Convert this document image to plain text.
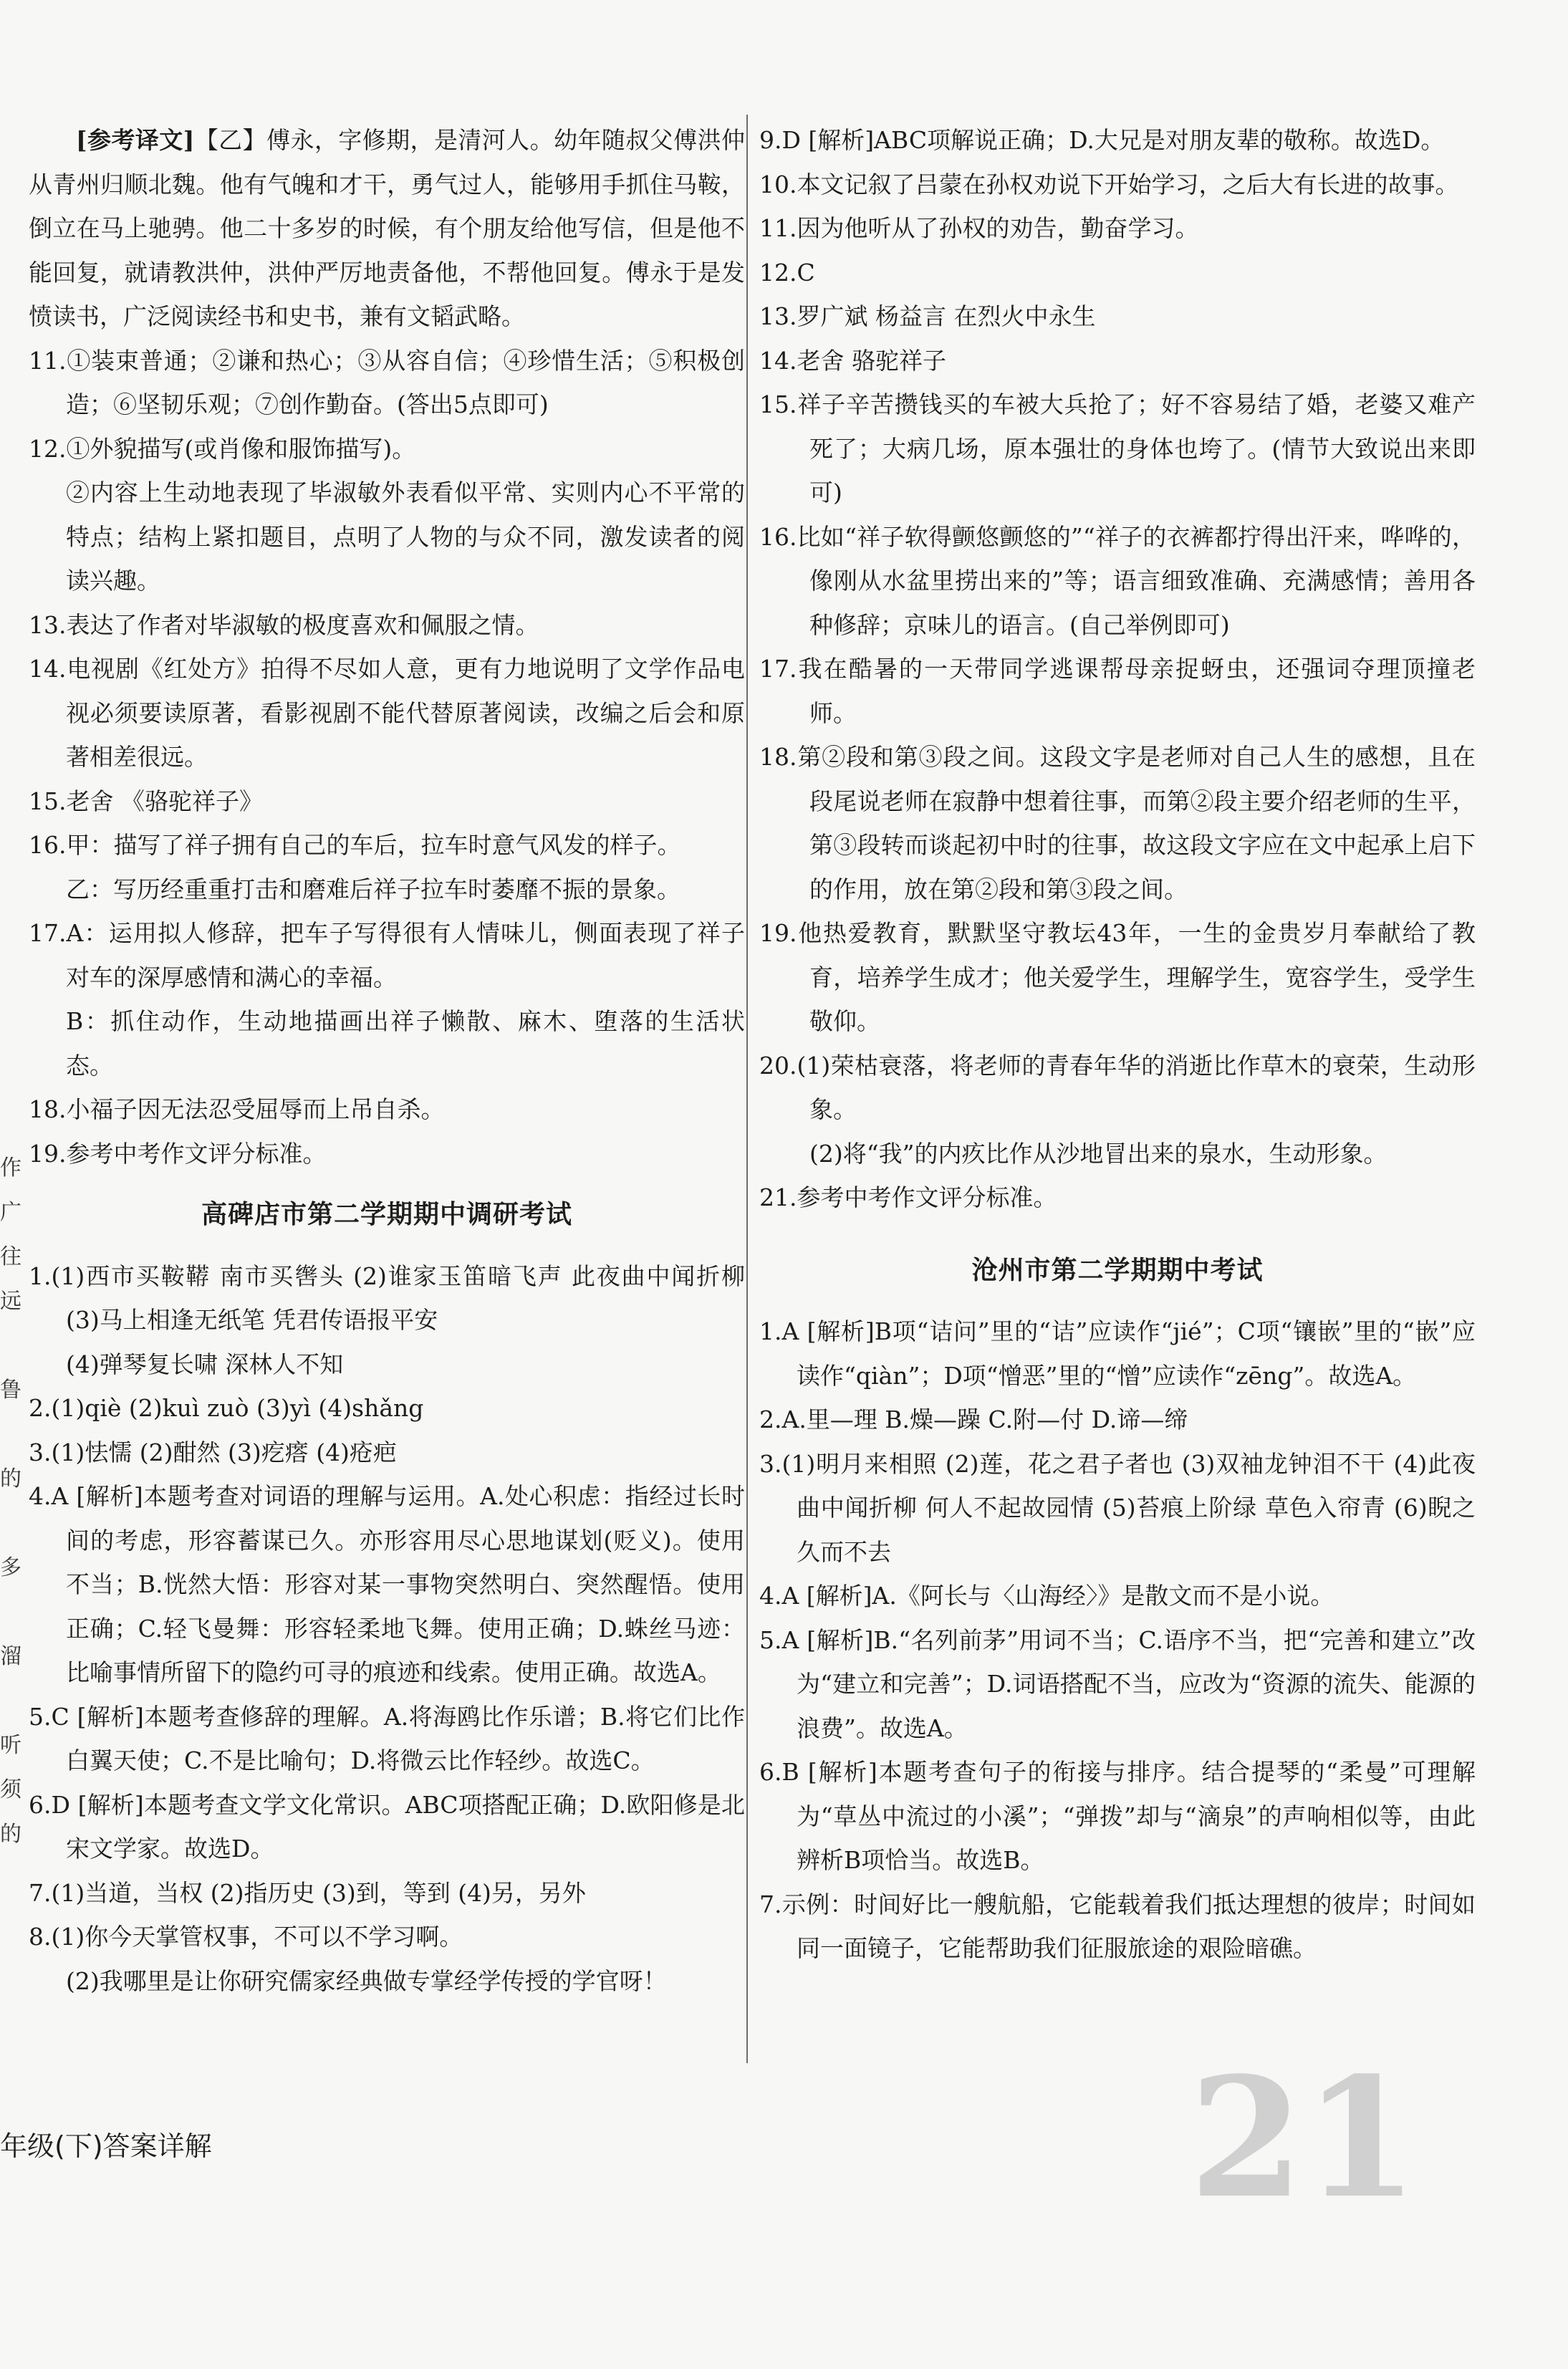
[参考译文]【乙】傅永，字修期，是清河人。幼年随叔父傅洪仲从青州归顺北魏。他有气魄和才干，勇气过人，能够用手抓住马鞍，倒立在马上驰骋。他二十多岁的时候，有个朋友给他写信，但是他不能回复，就请教洪仲，洪仲严厉地责备他，不帮他回复。傅永于是发愤读书，广泛阅读经书和史书，兼有文韬武略。

11.①装束普通；②谦和热心；③从容自信；④珍惜生活；⑤积极创造；⑥坚韧乐观；⑦创作勤奋。(答出5点即可)

12.①外貌描写(或肖像和服饰描写)。

②内容上生动地表现了毕淑敏外表看似平常、实则内心不平常的特点；结构上紧扣题目，点明了人物的与众不同，激发读者的阅读兴趣。

13.表达了作者对毕淑敏的极度喜欢和佩服之情。

14.电视剧《红处方》拍得不尽如人意，更有力地说明了文学作品电视必须要读原著，看影视剧不能代替原著阅读，改编之后会和原著相差很远。

15.老舍 《骆驼祥子》

16.甲：描写了祥子拥有自己的车后，拉车时意气风发的样子。

乙：写历经重重打击和磨难后祥子拉车时萎靡不振的景象。

17.A：运用拟人修辞，把车子写得很有人情味儿，侧面表现了祥子对车的深厚感情和满心的幸福。

B：抓住动作，生动地描画出祥子懒散、麻木、堕落的生活状态。

18.小福子因无法忍受屈辱而上吊自杀。

19.参考中考作文评分标准。

高碑店市第二学期期中调研考试

1.(1)西市买鞍鞯 南市买辔头 (2)谁家玉笛暗飞声 此夜曲中闻折柳 (3)马上相逢无纸笔 凭君传语报平安

(4)弹琴复长啸 深林人不知

2.(1)qiè (2)kuì zuò (3)yì (4)shǎng

3.(1)怯懦 (2)酣然 (3)疙瘩 (4)疮疤

4.A [解析]本题考查对词语的理解与运用。A.处心积虑：指经过长时间的考虑，形容蓄谋已久。亦形容用尽心思地谋划(贬义)。使用不当；B.恍然大悟：形容对某一事物突然明白、突然醒悟。使用正确；C.轻飞曼舞：形容轻柔地飞舞。使用正确；D.蛛丝马迹：比喻事情所留下的隐约可寻的痕迹和线索。使用正确。故选A。

5.C [解析]本题考查修辞的理解。A.将海鸥比作乐谱；B.将它们比作白翼天使；C.不是比喻句；D.将微云比作轻纱。故选C。

6.D [解析]本题考查文学文化常识。ABC项搭配正确；D.欧阳修是北宋文学家。故选D。

7.(1)当道，当权 (2)指历史 (3)到，等到 (4)另，另外

8.(1)你今天掌管权事，不可以不学习啊。

(2)我哪里是让你研究儒家经典做专掌经学传授的学官呀！

9.D [解析]ABC项解说正确；D.大兄是对朋友辈的敬称。故选D。

10.本文记叙了吕蒙在孙权劝说下开始学习，之后大有长进的故事。

11.因为他听从了孙权的劝告，勤奋学习。

12.C

13.罗广斌 杨益言 在烈火中永生

14.老舍 骆驼祥子

15.祥子辛苦攒钱买的车被大兵抢了；好不容易结了婚，老婆又难产死了；大病几场，原本强壮的身体也垮了。(情节大致说出来即可)

16.比如“祥子软得颤悠颤悠的”“祥子的衣裤都拧得出汗来，哗哗的，像刚从水盆里捞出来的”等；语言细致准确、充满感情；善用各种修辞；京味儿的语言。(自己举例即可)

17.我在酷暑的一天带同学逃课帮母亲捉蚜虫，还强词夺理顶撞老师。

18.第②段和第③段之间。这段文字是老师对自己人生的感想，且在段尾说老师在寂静中想着往事，而第②段主要介绍老师的生平，第③段转而谈起初中时的往事，故这段文字应在文中起承上启下的作用，放在第②段和第③段之间。

19.他热爱教育，默默坚守教坛43年，一生的金贵岁月奉献给了教育，培养学生成才；他关爱学生，理解学生，宽容学生，受学生敬仰。

20.(1)荣枯衰落，将老师的青春年华的消逝比作草木的衰荣，生动形象。

(2)将“我”的内疚比作从沙地冒出来的泉水，生动形象。

21.参考中考作文评分标准。

沧州市第二学期期中考试

1.A [解析]B项“诘问”里的“诘”应读作“jié”；C项“镶嵌”里的“嵌”应读作“qiàn”；D项“憎恶”里的“憎”应读作“zēng”。故选A。

2.A.里—理 B.燥—躁 C.附—付 D.谛—缔

3.(1)明月来相照 (2)莲，花之君子者也 (3)双袖龙钟泪不干 (4)此夜曲中闻折柳 何人不起故园情 (5)苔痕上阶绿 草色入帘青 (6)睨之久而不去

4.A [解析]A.《阿长与〈山海经〉》是散文而不是小说。

5.A [解析]B.“名列前茅”用词不当；C.语序不当，把“完善和建立”改为“建立和完善”；D.词语搭配不当，应改为“资源的流失、能源的浪费”。故选A。

6.B [解析]本题考查句子的衔接与排序。结合提琴的“柔曼”可理解为“草丛中流过的小溪”；“弹拨”却与“滴泉”的声响相似等，由此辨析B项恰当。故选B。

7.示例：时间好比一艘航船，它能载着我们抵达理想的彼岸；时间如同一面镜子，它能帮助我们征服旅途的艰险暗礁。

作
广
往
远

鲁

的

多

溜

听
须
的
年级(下)答案详解	21
